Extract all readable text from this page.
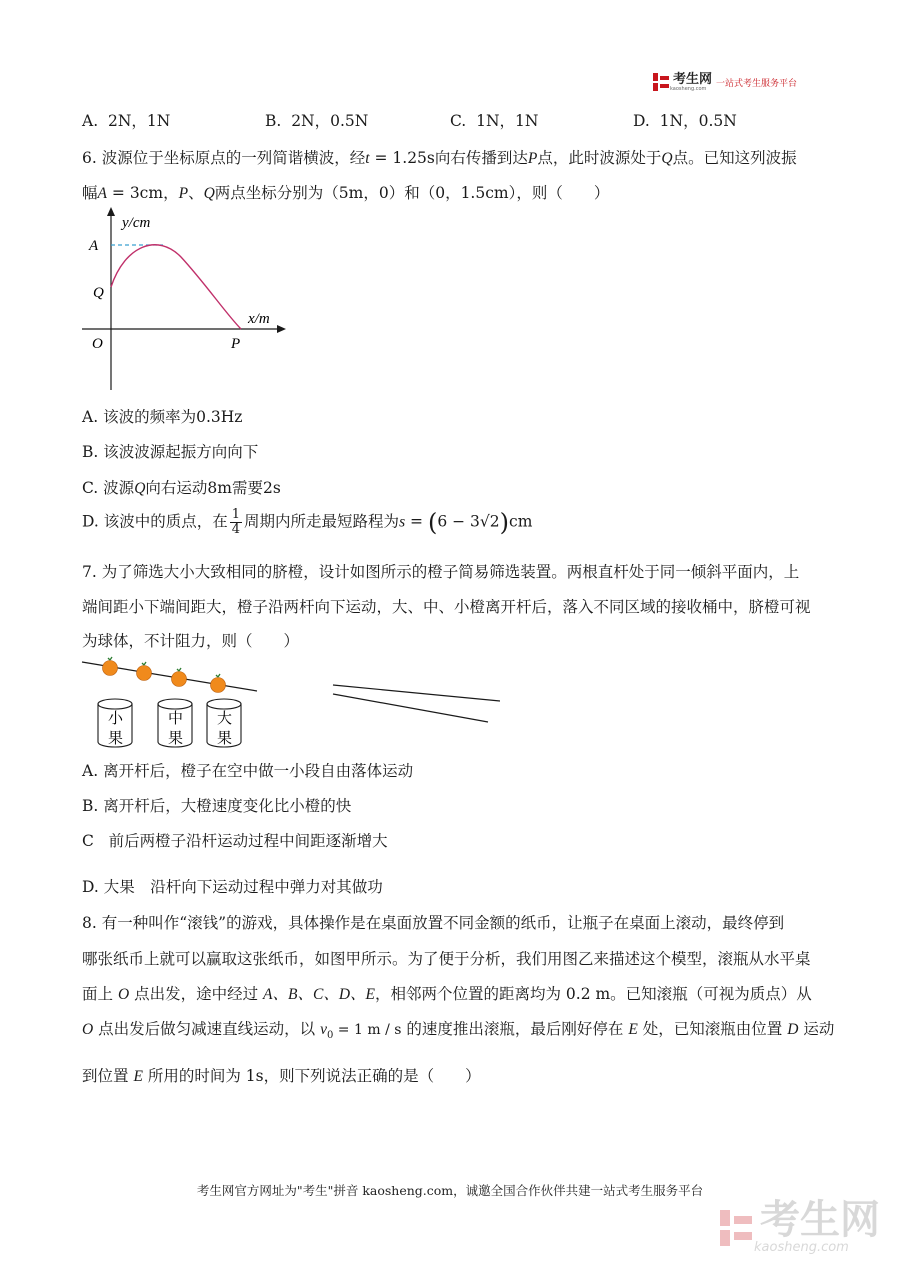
考生网
kaosheng.com	一站式考生服务平台
A. 2N，1N	B. 2N，0.5N	C. 1N，1N	D. 1N，0.5N
6. 波源位于坐标原点的一列简谐横波，经t = 1.25s向右传播到达P点，此时波源处于Q点。已知这列波振
幅A = 3cm，P、Q两点坐标分别为（5m，0）和（0，1.5cm），则（　　）
y/cm
x/m
A
Q
O	P
A. 该波的频率为0.3Hz
B. 该波波源起振方向向下
C. 波源Q向右运动8m需要2s
D. 该波中的质点，在 $\frac{1}{4}$ 周期内所走最短路程为s = (6 − 3√2)cm
7. 为了筛选大小大致相同的脐橙，设计如图所示的橙子简易筛选装置。两根直杆处于同一倾斜平面内，上
端间距小下端间距大，橙子沿两杆向下运动，大、中、小橙离开杆后，落入不同区域的接收桶中，脐橙可视
为球体，不计阻力，则（　　）
小
果
中
果
大
果
A. 离开杆后，橙子在空中做一小段自由落体运动
B. 离开杆后，大橙速度变化比小橙的快
C 前后两橙子沿杆运动过程中间距逐渐增大
D. 大果　沿杆向下运动过程中弹力对其做功
8. 有一种叫作“滚钱”的游戏，具体操作是在桌面放置不同金额的纸币，让瓶子在桌面上滚动，最终停到
哪张纸币上就可以赢取这张纸币，如图甲所示。为了便于分析，我们用图乙来描述这个模型，滚瓶从水平桌
面上 O 点出发，途中经过 A、B、C、D、E，相邻两个位置的距离均为 0.2 m。已知滚瓶（可视为质点）从
O 点出发后做匀减速直线运动，以 $v_0 = 1$ m / s 的速度推出滚瓶，最后刚好停在 E 处，已知滚瓶由位置 D 运动
到位置 E 所用的时间为 1s，则下列说法正确的是（　　）
考生网官方网址为"考生"拼音 kaosheng.com，诚邀全国合作伙伴共建一站式考生服务平台
考生网
kaosheng.com
